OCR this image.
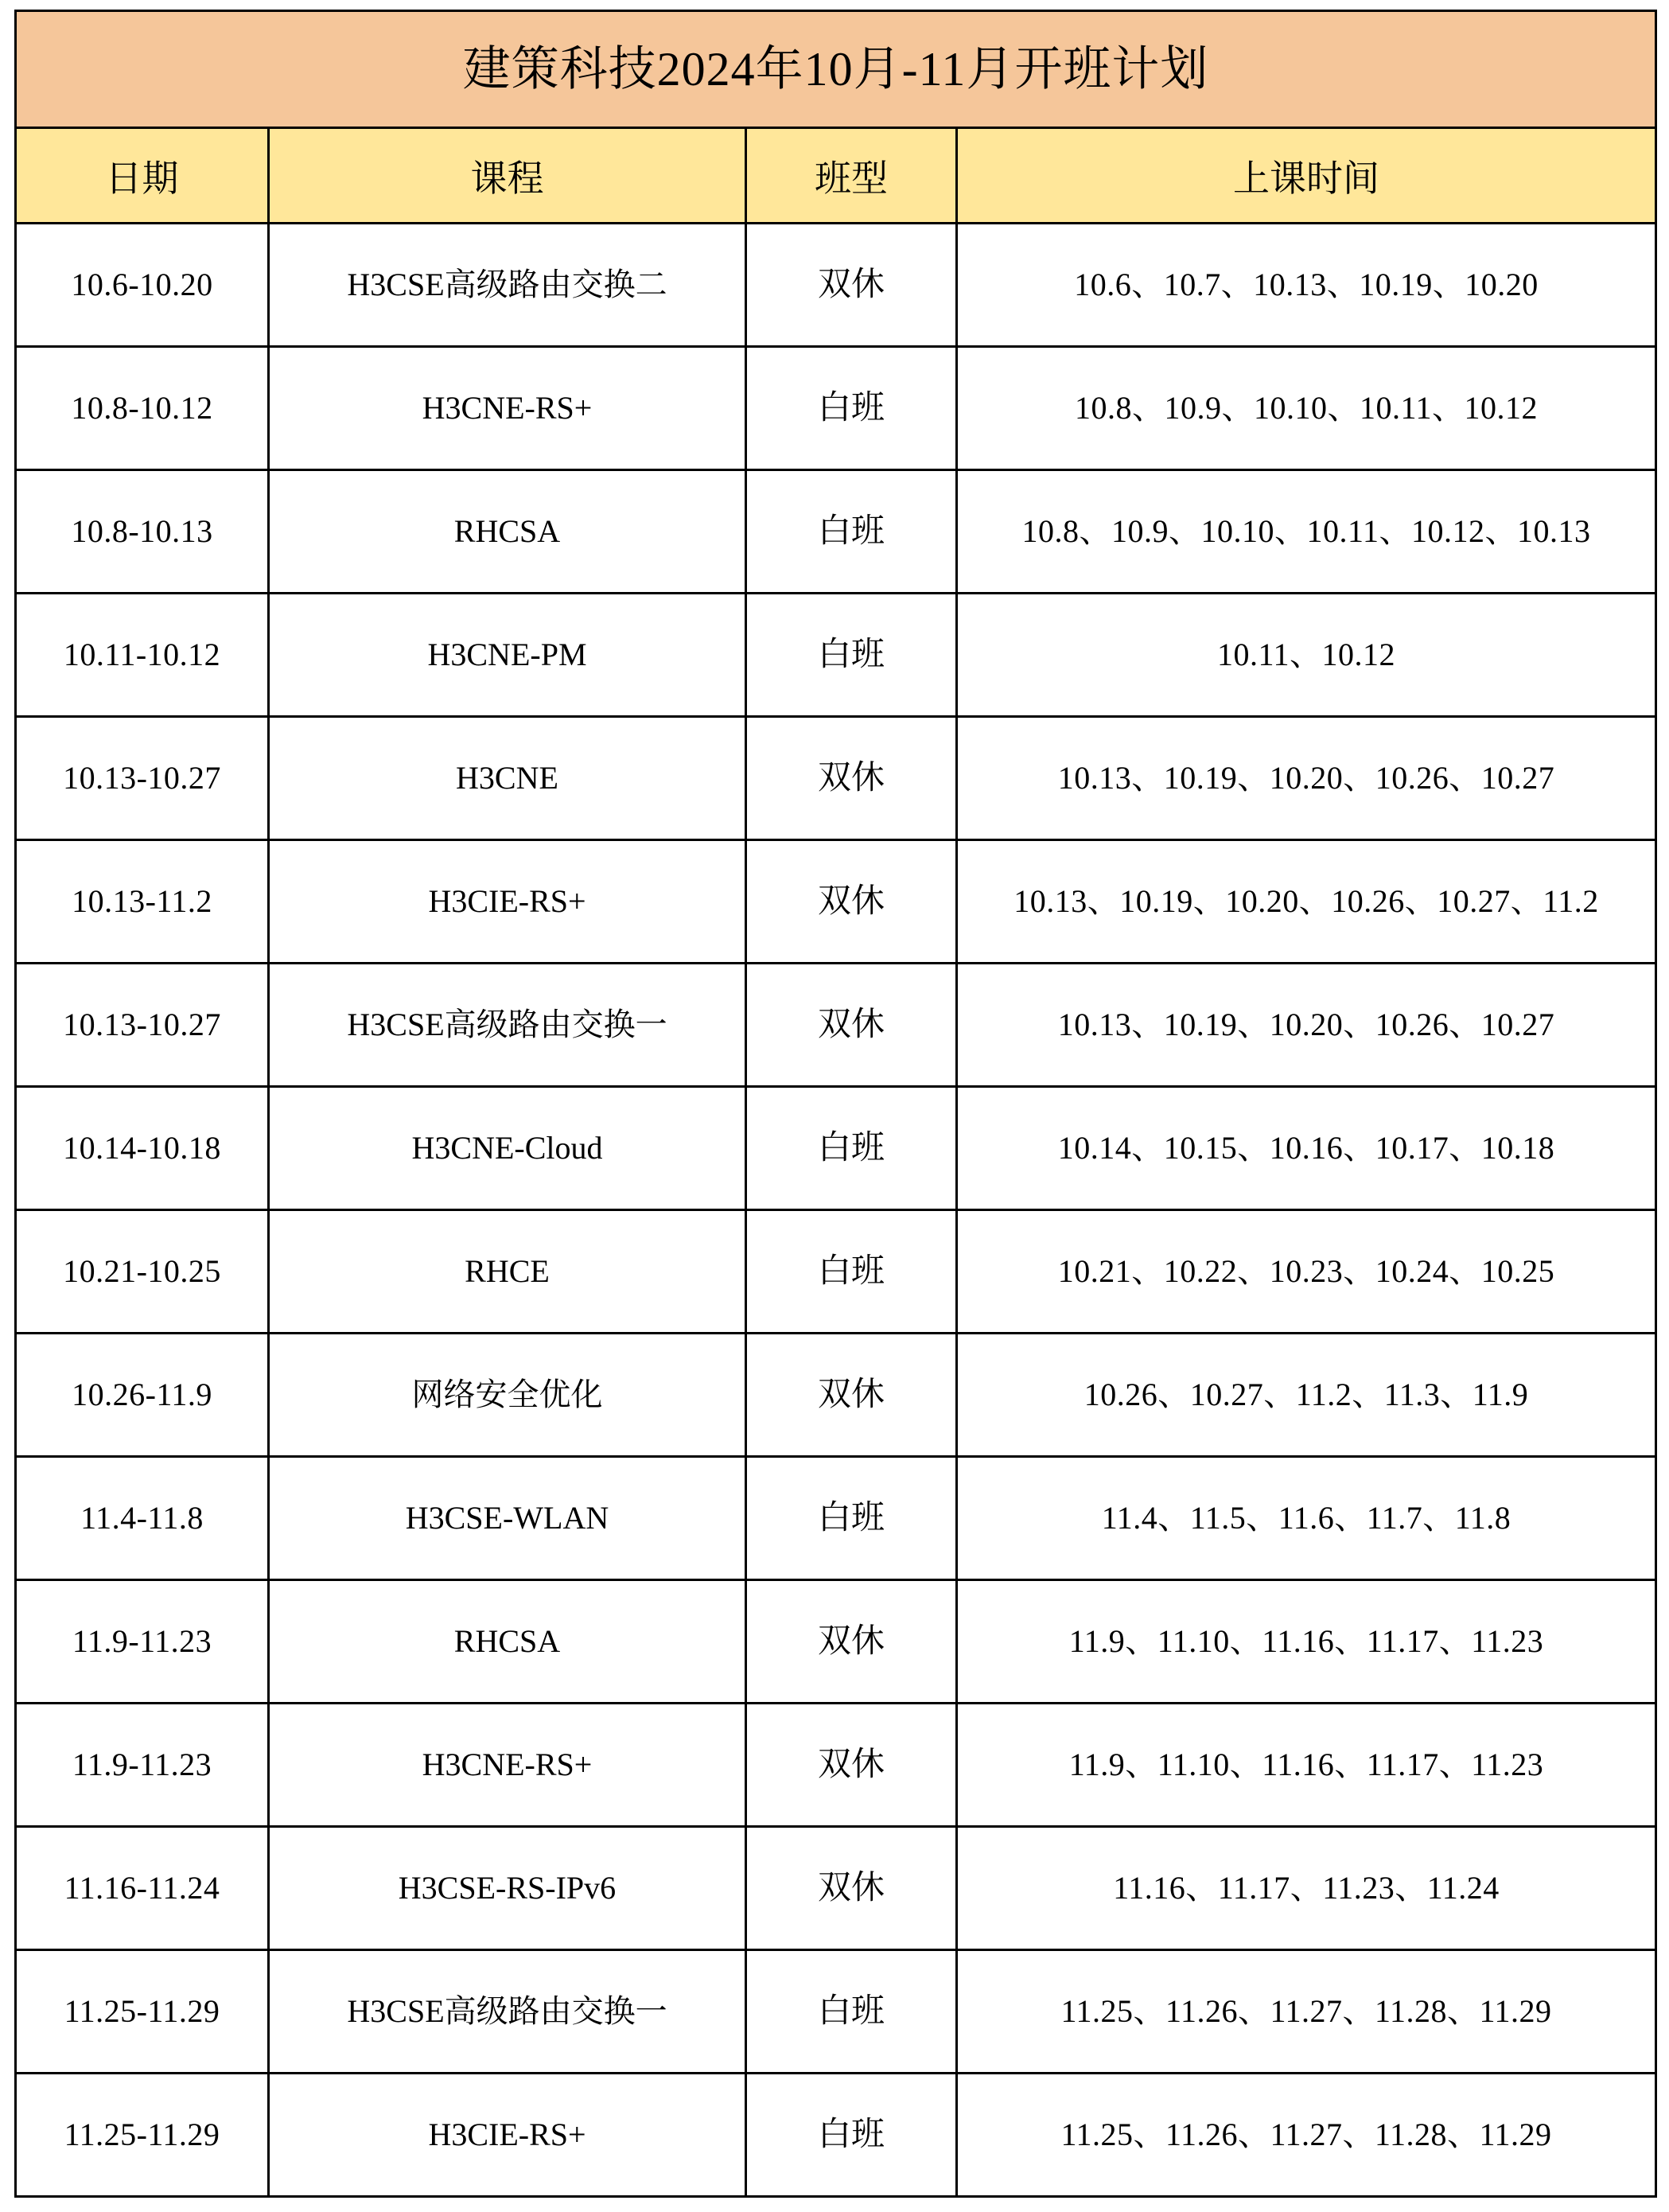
建策科技2024年10月-11月开班计划			
日期	课程	班型	上课时间
10.6-10.20	H3CSE高级路由交换二	双休	10.6、10.7、10.13、10.19、10.20
10.8-10.12	H3CNE-RS+	白班	10.8、10.9、10.10、10.11、10.12
10.8-10.13	RHCSA	白班	10.8、10.9、10.10、10.11、10.12、10.13
10.11-10.12	H3CNE-PM	白班	10.11、10.12
10.13-10.27	H3CNE	双休	10.13、10.19、10.20、10.26、10.27
10.13-11.2	H3CIE-RS+	双休	10.13、10.19、10.20、10.26、10.27、11.2
10.13-10.27	H3CSE高级路由交换一	双休	10.13、10.19、10.20、10.26、10.27
10.14-10.18	H3CNE-Cloud	白班	10.14、10.15、10.16、10.17、10.18
10.21-10.25	RHCE	白班	10.21、10.22、10.23、10.24、10.25
10.26-11.9	网络安全优化	双休	10.26、10.27、11.2、11.3、11.9
11.4-11.8	H3CSE-WLAN	白班	11.4、11.5、11.6、11.7、11.8
11.9-11.23	RHCSA	双休	11.9、11.10、11.16、11.17、11.23
11.9-11.23	H3CNE-RS+	双休	11.9、11.10、11.16、11.17、11.23
11.16-11.24	H3CSE-RS-IPv6	双休	11.16、11.17、11.23、11.24
11.25-11.29	H3CSE高级路由交换一	白班	11.25、11.26、11.27、11.28、11.29
11.25-11.29	H3CIE-RS+	白班	11.25、11.26、11.27、11.28、11.29
